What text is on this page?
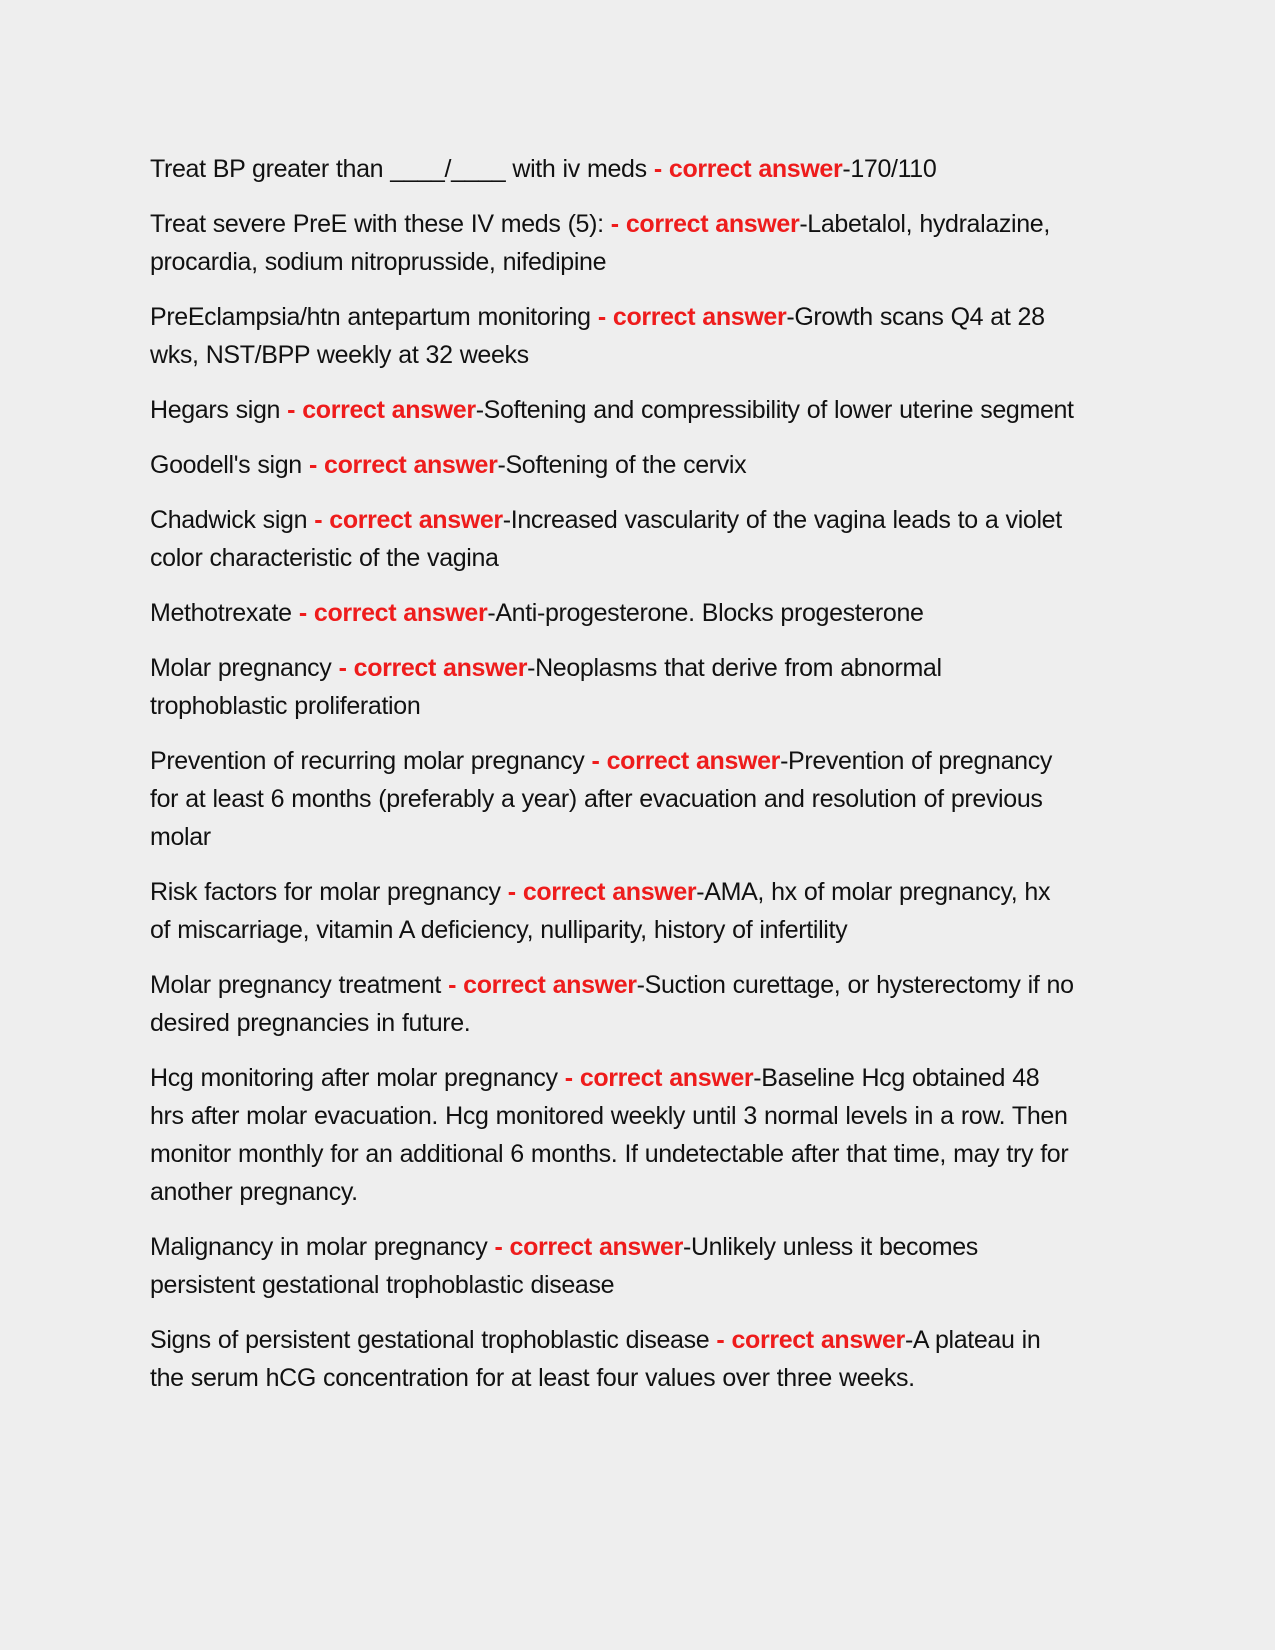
Treat BP greater than ____/____ with iv meds - correct answer-170/110

Treat severe PreE with these IV meds (5): - correct answer-Labetalol, hydralazine, procardia, sodium nitroprusside, nifedipine

PreEclampsia/htn antepartum monitoring - correct answer-Growth scans Q4 at 28 wks, NST/BPP weekly at 32 weeks

Hegars sign - correct answer-Softening and compressibility of lower uterine segment

Goodell's sign - correct answer-Softening of the cervix

Chadwick sign - correct answer-Increased vascularity of the vagina leads to a violet color characteristic of the vagina

Methotrexate - correct answer-Anti-progesterone. Blocks progesterone

Molar pregnancy - correct answer-Neoplasms that derive from abnormal trophoblastic proliferation

Prevention of recurring molar pregnancy - correct answer-Prevention of pregnancy for at least 6 months (preferably a year) after evacuation and resolution of previous molar

Risk factors for molar pregnancy - correct answer-AMA, hx of molar pregnancy, hx of miscarriage, vitamin A deficiency, nulliparity, history of infertility

Molar pregnancy treatment - correct answer-Suction curettage, or hysterectomy if no desired pregnancies in future.

Hcg monitoring after molar pregnancy - correct answer-Baseline Hcg obtained 48 hrs after molar evacuation. Hcg monitored weekly until 3 normal levels in a row. Then monitor monthly for an additional 6 months. If undetectable after that time, may try for another pregnancy.

Malignancy in molar pregnancy - correct answer-Unlikely unless it becomes persistent gestational trophoblastic disease

Signs of persistent gestational trophoblastic disease - correct answer-A plateau in the serum hCG concentration for at least four values over three weeks.
